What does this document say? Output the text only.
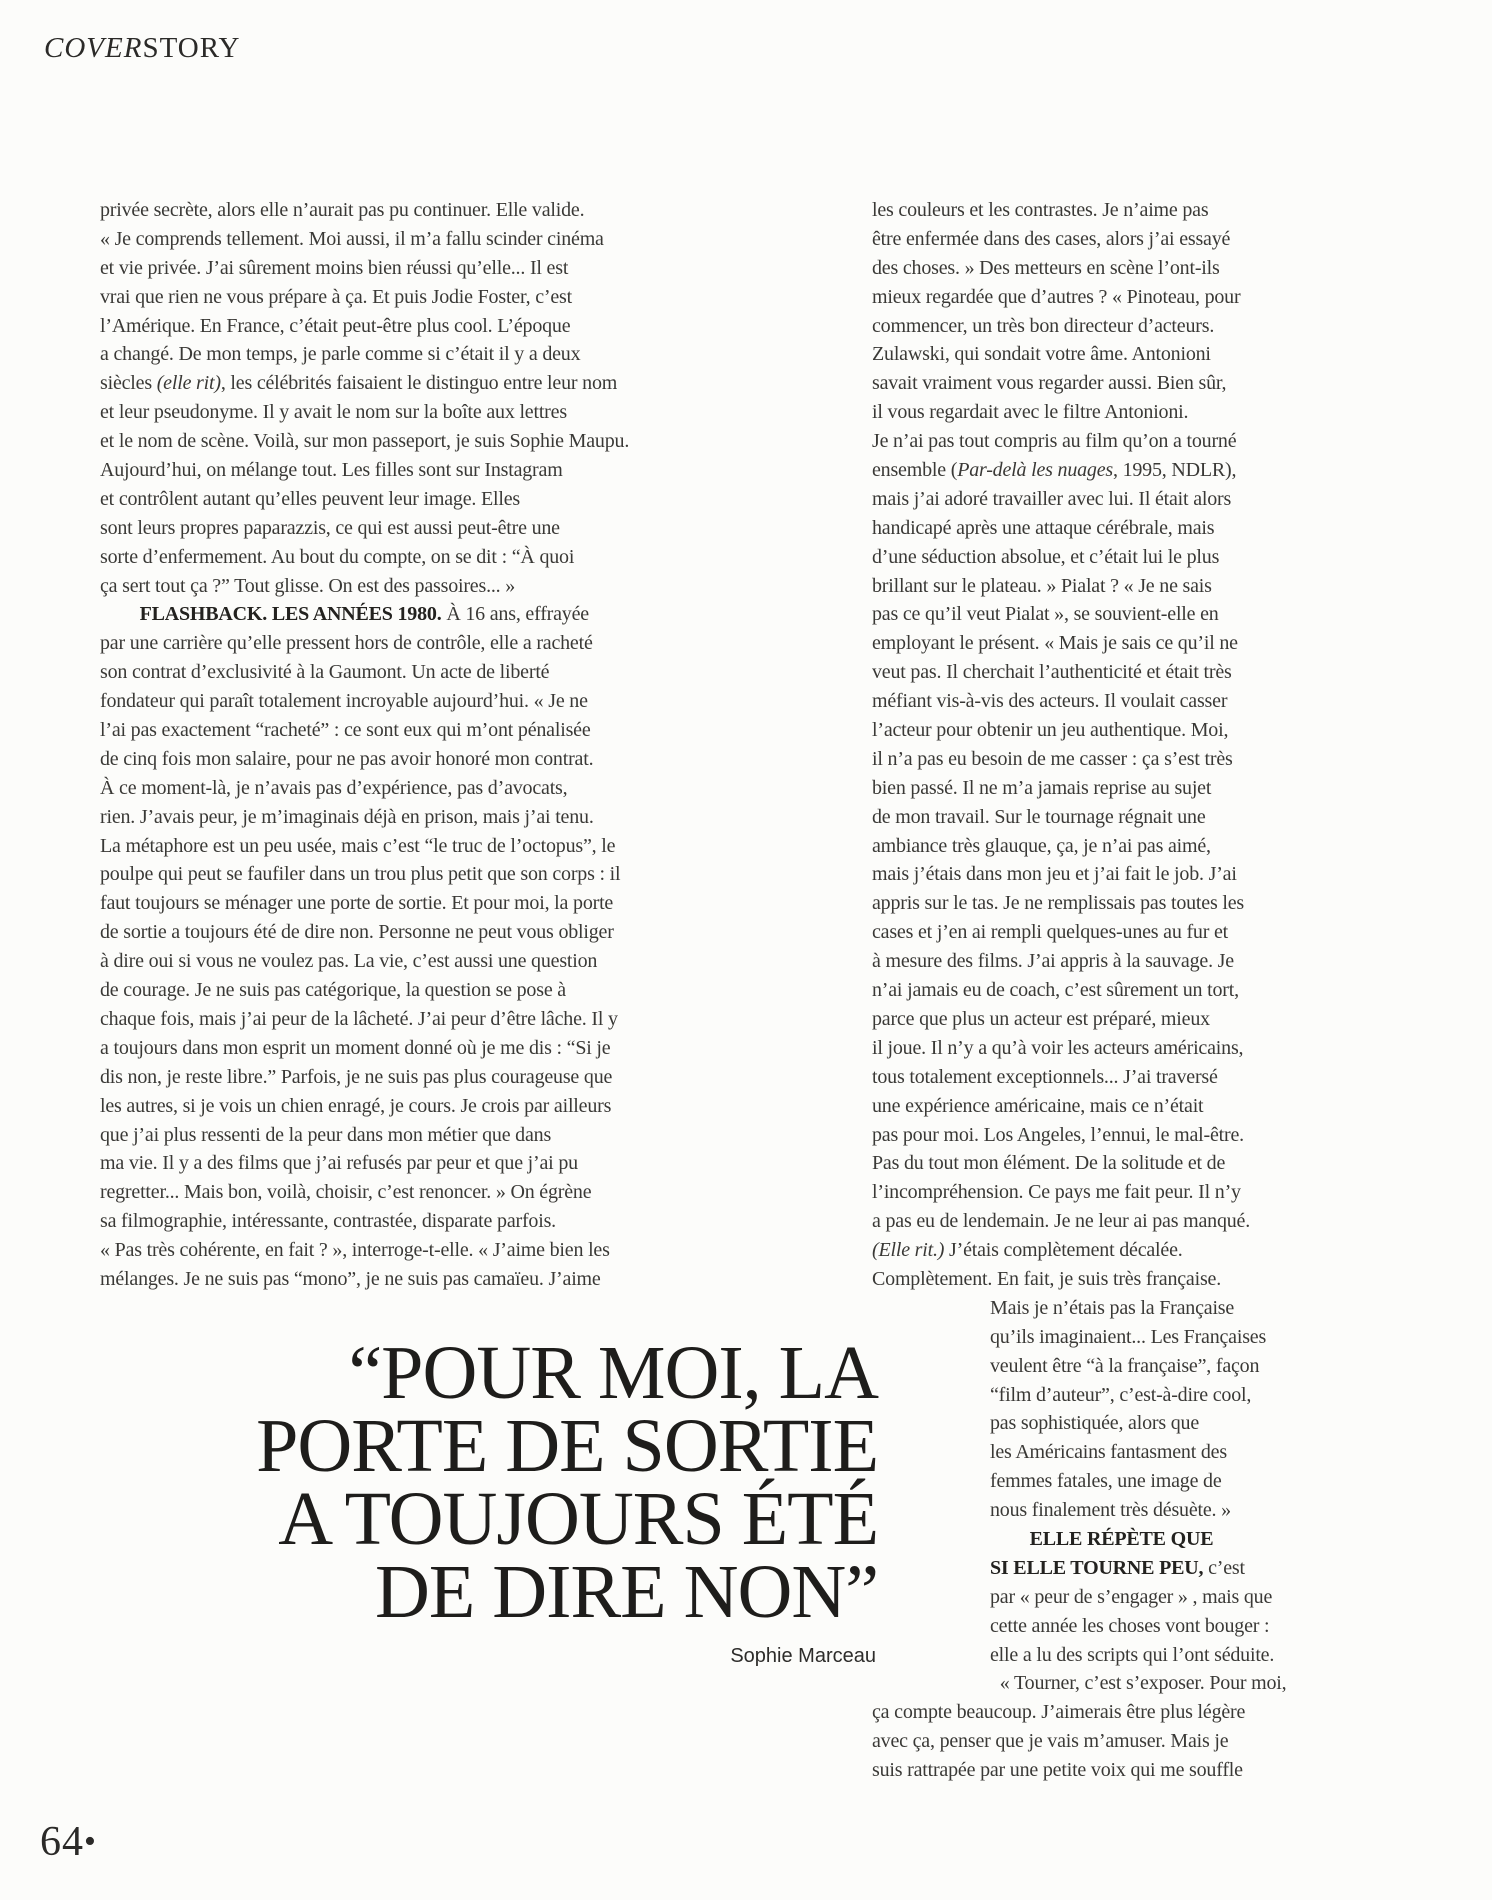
COVERSTORY
privée secrète, alors elle n’aurait pas pu continuer. Elle valide.
« Je comprends tellement. Moi aussi, il m’a fallu scinder cinéma
et vie privée. J’ai sûrement moins bien réussi qu’elle... Il est
vrai que rien ne vous prépare à ça. Et puis Jodie Foster, c’est
l’Amérique. En France, c’était peut-être plus cool. L’époque
a changé. De mon temps, je parle comme si c’était il y a deux
siècles (elle rit), les célébrités faisaient le distinguo entre leur nom
et leur pseudonyme. Il y avait le nom sur la boîte aux lettres
et le nom de scène. Voilà, sur mon passeport, je suis Sophie Maupu.
Aujourd’hui, on mélange tout. Les filles sont sur Instagram
et contrôlent autant qu’elles peuvent leur image. Elles
sont leurs propres paparazzis, ce qui est aussi peut-être une
sorte d’enfermement. Au bout du compte, on se dit : “À quoi
ça sert tout ça ?” Tout glisse. On est des passoires... »
  FLASHBACK. LES ANNÉES 1980. À 16 ans, effrayée
par une carrière qu’elle pressent hors de contrôle, elle a racheté
son contrat d’exclusivité à la Gaumont. Un acte de liberté
fondateur qui paraît totalement incroyable aujourd’hui. « Je ne
l’ai pas exactement “racheté” : ce sont eux qui m’ont pénalisée
de cinq fois mon salaire, pour ne pas avoir honoré mon contrat.
À ce moment-là, je n’avais pas d’expérience, pas d’avocats,
rien. J’avais peur, je m’imaginais déjà en prison, mais j’ai tenu.
La métaphore est un peu usée, mais c’est “le truc de l’octopus”, le
poulpe qui peut se faufiler dans un trou plus petit que son corps : il
faut toujours se ménager une porte de sortie. Et pour moi, la porte
de sortie a toujours été de dire non. Personne ne peut vous obliger
à dire oui si vous ne voulez pas. La vie, c’est aussi une question
de courage. Je ne suis pas catégorique, la question se pose à
chaque fois, mais j’ai peur de la lâcheté. J’ai peur d’être lâche. Il y
a toujours dans mon esprit un moment donné où je me dis : “Si je
dis non, je reste libre.” Parfois, je ne suis pas plus courageuse que
les autres, si je vois un chien enragé, je cours. Je crois par ailleurs
que j’ai plus ressenti de la peur dans mon métier que dans
ma vie. Il y a des films que j’ai refusés par peur et que j’ai pu
regretter... Mais bon, voilà, choisir, c’est renoncer. » On égrène
sa filmographie, intéressante, contrastée, disparate parfois.
« Pas très cohérente, en fait ? », interroge-t-elle. « J’aime bien les
mélanges. Je ne suis pas “mono”, je ne suis pas camaïeu. J’aime
les couleurs et les contrastes. Je n’aime pas
être enfermée dans des cases, alors j’ai essayé
des choses. » Des metteurs en scène l’ont-ils
mieux regardée que d’autres ? « Pinoteau, pour
commencer, un très bon directeur d’acteurs.
Zulawski, qui sondait votre âme. Antonioni
savait vraiment vous regarder aussi. Bien sûr,
il vous regardait avec le filtre Antonioni.
Je n’ai pas tout compris au film qu’on a tourné
ensemble (Par-delà les nuages, 1995, NDLR),
mais j’ai adoré travailler avec lui. Il était alors
handicapé après une attaque cérébrale, mais
d’une séduction absolue, et c’était lui le plus
brillant sur le plateau. » Pialat ? « Je ne sais
pas ce qu’il veut Pialat », se souvient-elle en
employant le présent. « Mais je sais ce qu’il ne
veut pas. Il cherchait l’authenticité et était très
méfiant vis-à-vis des acteurs. Il voulait casser
l’acteur pour obtenir un jeu authentique. Moi,
il n’a pas eu besoin de me casser : ça s’est très
bien passé. Il ne m’a jamais reprise au sujet
de mon travail. Sur le tournage régnait une
ambiance très glauque, ça, je n’ai pas aimé,
mais j’étais dans mon jeu et j’ai fait le job. J’ai
appris sur le tas. Je ne remplissais pas toutes les
cases et j’en ai rempli quelques-unes au fur et
à mesure des films. J’ai appris à la sauvage. Je
n’ai jamais eu de coach, c’est sûrement un tort,
parce que plus un acteur est préparé, mieux
il joue. Il n’y a qu’à voir les acteurs américains,
tous totalement exceptionnels... J’ai traversé
une expérience américaine, mais ce n’était
pas pour moi. Los Angeles, l’ennui, le mal-être.
Pas du tout mon élément. De la solitude et de
l’incompréhension. Ce pays me fait peur. Il n’y
a pas eu de lendemain. Je ne leur ai pas manqué.
(Elle rit.) J’étais complètement décalée.
Complètement. En fait, je suis très française.
Mais je n’étais pas la Française
qu’ils imaginaient... Les Françaises
veulent être “à la française”, façon
“film d’auteur”, c’est-à-dire cool,
pas sophistiquée, alors que
les Américains fantasment des
femmes fatales, une image de
nous finalement très désuète. »
  ELLE RÉPÈTE QUE
SI ELLE TOURNE PEU, c’est
par « peur de s’engager » , mais que
cette année les choses vont bouger :
elle a lu des scripts qui l’ont séduite.
 « Tourner, c’est s’exposer. Pour moi,
ça compte beaucoup. J’aimerais être plus légère
avec ça, penser que je vais m’amuser. Mais je
suis rattrapée par une petite voix qui me souffle
“POUR MOI, LA
PORTE DE SORTIE
A TOUJOURS ÉTÉ
DE DIRE NON”
Sophie Marceau
64•
